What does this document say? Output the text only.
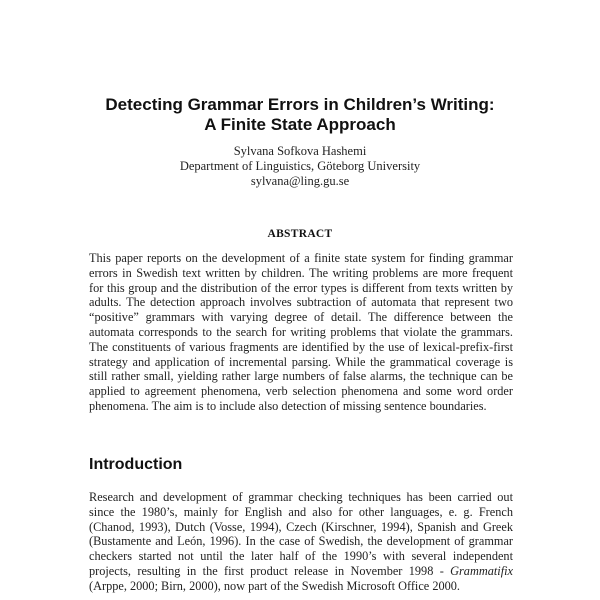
Detecting Grammar Errors in Children’s Writing:
A Finite State Approach
Sylvana Sofkova Hashemi
Department of Linguistics, Göteborg University
sylvana@ling.gu.se
ABSTRACT
This paper reports on the development of a finite state system for finding grammar errors in Swedish text written by children. The writing problems are more frequent for this group and the distribution of the error types is different from texts written by adults. The detection approach involves subtraction of automata that represent two “positive” grammars with varying degree of detail. The difference between the automata corresponds to the search for writing problems that violate the grammars. The constituents of various fragments are identified by the use of lexical-prefix-first strategy and application of incremental parsing. While the grammatical coverage is still rather small, yielding rather large numbers of false alarms, the technique can be applied to agreement phenomena, verb selection phenomena and some word order phenomena. The aim is to include also detection of missing sentence boundaries.
Introduction
Research and development of grammar checking techniques has been carried out since the 1980’s, mainly for English and also for other languages, e. g. French (Chanod, 1993), Dutch (Vosse, 1994), Czech (Kirschner, 1994), Spanish and Greek (Bustamente and León, 1996). In the case of Swedish, the development of grammar checkers started not until the later half of the 1990’s with several independent projects, resulting in the first product release in November 1998 - Grammatifix (Arppe, 2000; Birn, 2000), now part of the Swedish Microsoft Office 2000.
